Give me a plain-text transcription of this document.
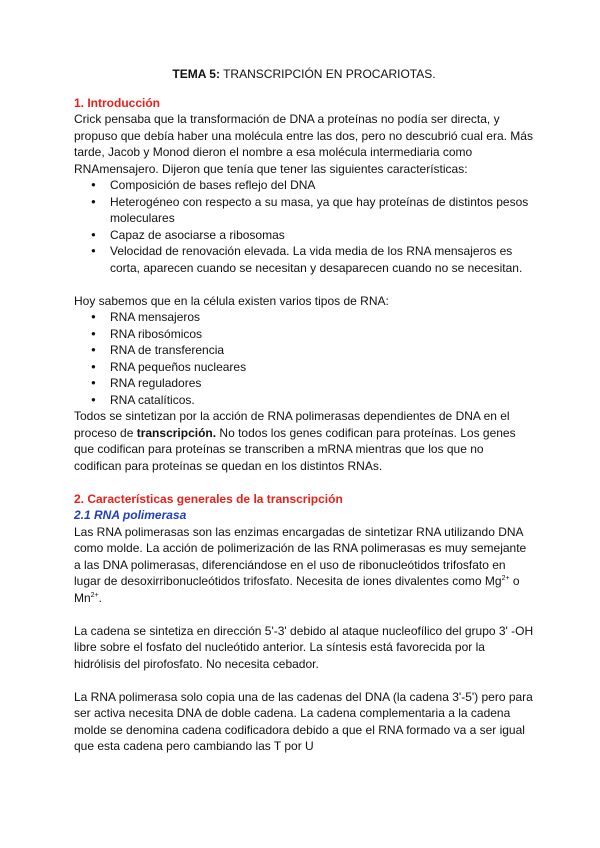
TEMA 5: TRANSCRIPCIÓN EN PROCARIOTAS.
1. Introducción

Crick pensaba que la transformación de DNA a proteínas no podía ser directa, y propuso que debía haber una molécula entre las dos, pero no descubrió cual era. Más tarde, Jacob y Monod dieron el nombre a esa molécula intermediaria como RNAmensajero. Dijeron que tenía que tener las siguientes características:

● Composición de bases reflejo del DNA
● Heterogéneo con respecto a su masa, ya que hay proteínas de distintos pesos moleculares
● Capaz de asociarse a ribosomas
● Velocidad de renovación elevada. La vida media de los RNA mensajeros es corta, aparecen cuando se necesitan y desaparecen cuando no se necesitan.

Hoy sabemos que en la célula existen varios tipos de RNA:

● RNA mensajeros
● RNA ribosómicos
● RNA de transferencia
● RNA pequeños nucleares
● RNA reguladores
● RNA catalíticos.

Todos se sintetizan por la acción de RNA polimerasas dependientes de DNA en el proceso de transcripción. No todos los genes codifican para proteínas. Los genes que codifican para proteínas se transcriben a mRNA mientras que los que no codifican para proteínas se quedan en los distintos RNAs.

2. Características generales de la transcripción
2.1 RNA polimerasa

Las RNA polimerasas son las enzimas encargadas de sintetizar RNA utilizando DNA como molde. La acción de polimerización de las RNA polimerasas es muy semejante a las DNA polimerasas, diferenciándose en el uso de ribonucleótidos trifosfato en lugar de desoxirribonucleótidos trifosfato. Necesita de iones divalentes como $Mg^{2+}$ o $Mn^{2+}$.

La cadena se sintetiza en dirección 5'-3' debido al ataque nucleofílico del grupo 3' -OH libre sobre el fosfato del nucleótido anterior. La síntesis está favorecida por la hidrólisis del pirofosfato. No necesita cebador.

La RNA polimerasa solo copia una de las cadenas del DNA (la cadena 3'-5') pero para ser activa necesita DNA de doble cadena. La cadena complementaria a la cadena molde se denomina cadena codificadora debido a que el RNA formado va a ser igual que esta cadena pero cambiando las T por U
